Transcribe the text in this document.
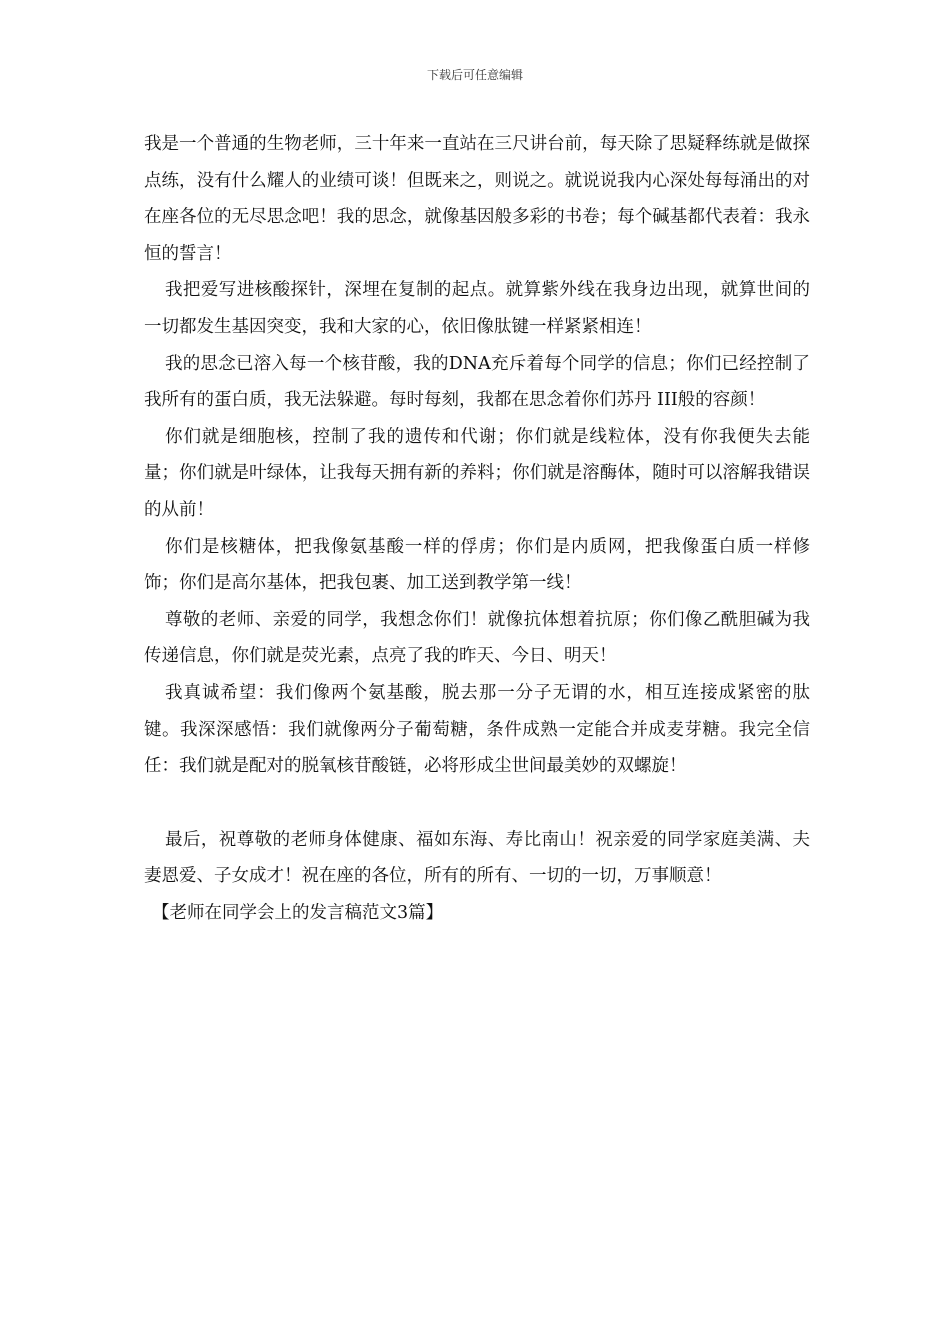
下载后可任意编辑

我是一个普通的生物老师，三十年来一直站在三尺讲台前，每天除了思疑释练就是做探点练，没有什么耀人的业绩可谈！但既来之，则说之。就说说我内心深处每每涌出的对在座各位的无尽思念吧！我的思念，就像基因般多彩的书卷；每个碱基都代表着：我永恒的誓言！

我把爱写进核酸探针，深埋在复制的起点。就算紫外线在我身边出现，就算世间的一切都发生基因突变，我和大家的心，依旧像肽键一样紧紧相连！

我的思念已溶入每一个核苷酸，我的DNA充斥着每个同学的信息；你们已经控制了我所有的蛋白质，我无法躲避。每时每刻，我都在思念着你们苏丹 III般的容颜！

你们就是细胞核，控制了我的遗传和代谢；你们就是线粒体，没有你我便失去能量；你们就是叶绿体，让我每天拥有新的养料；你们就是溶酶体，随时可以溶解我错误的从前！

你们是核糖体，把我像氨基酸一样的俘虏；你们是内质网，把我像蛋白质一样修饰；你们是高尔基体，把我包裹、加工送到教学第一线！

尊敬的老师、亲爱的同学，我想念你们！就像抗体想着抗原；你们像乙酰胆碱为我传递信息，你们就是荧光素，点亮了我的昨天、今日、明天！

我真诚希望：我们像两个氨基酸，脱去那一分子无谓的水，相互连接成紧密的肽键。我深深感悟：我们就像两分子葡萄糖，条件成熟一定能合并成麦芽糖。我完全信任：我们就是配对的脱氧核苷酸链，必将形成尘世间最美妙的双螺旋！

最后，祝尊敬的老师身体健康、福如东海、寿比南山！祝亲爱的同学家庭美满、夫妻恩爱、子女成才！祝在座的各位，所有的所有、一切的一切，万事顺意！

【老师在同学会上的发言稿范文3篇】
